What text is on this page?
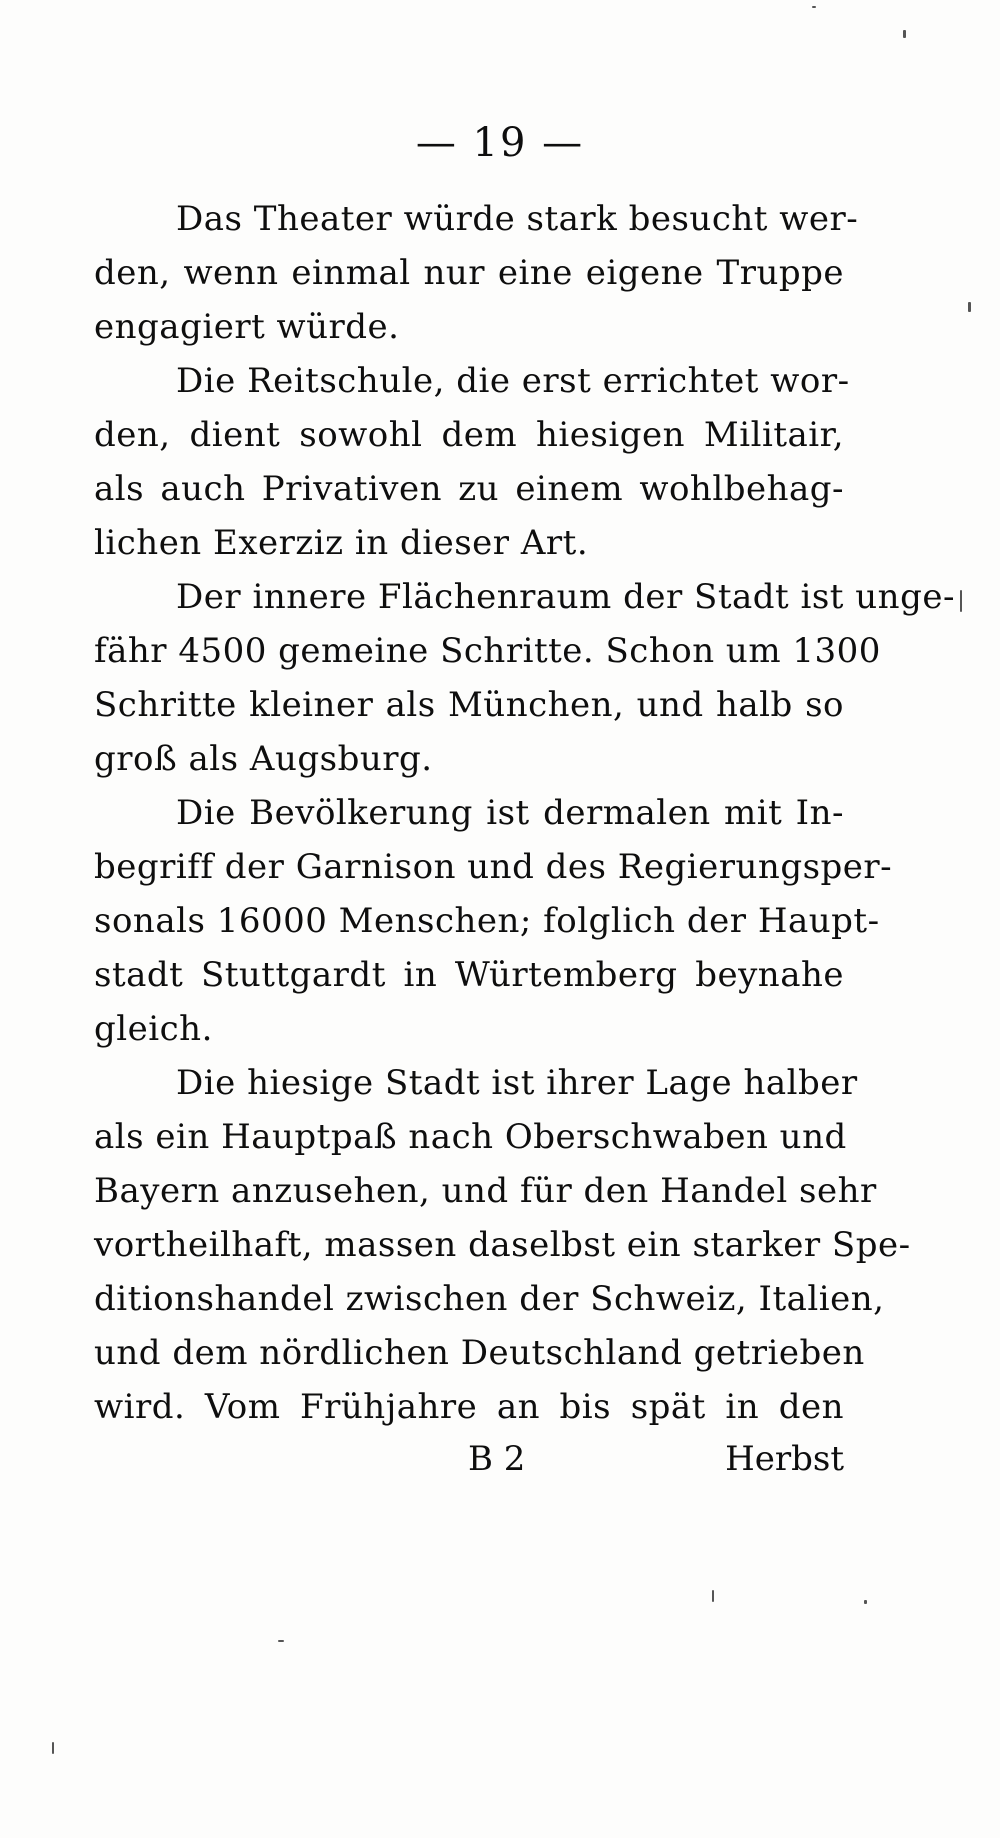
— 19 —
Das Theater würde stark besucht wer-
den, wenn einmal nur eine eigene Truppe
engagiert würde.
Die Reitschule, die erst errichtet wor-
den, dient sowohl dem hiesigen Militair,
als auch Privativen zu einem wohlbehag-
lichen Exerziz in dieser Art.
Der innere Flächenraum der Stadt ist unge-
fähr 4500 gemeine Schritte. Schon um 1300
Schritte kleiner als München, und halb so
groß als Augsburg.
Die Bevölkerung ist dermalen mit In-
begriff der Garnison und des Regierungsper-
sonals 16000 Menschen; folglich der Haupt-
stadt Stuttgardt in Würtemberg beynahe
gleich.
Die hiesige Stadt ist ihrer Lage halber
als ein Hauptpaß nach Oberschwaben und
Bayern anzusehen, und für den Handel sehr
vortheilhaft, massen daselbst ein starker Spe-
ditionshandel zwischen der Schweiz, Italien,
und dem nördlichen Deutschland getrieben
wird. Vom Frühjahre an bis spät in den
B 2	Herbst
